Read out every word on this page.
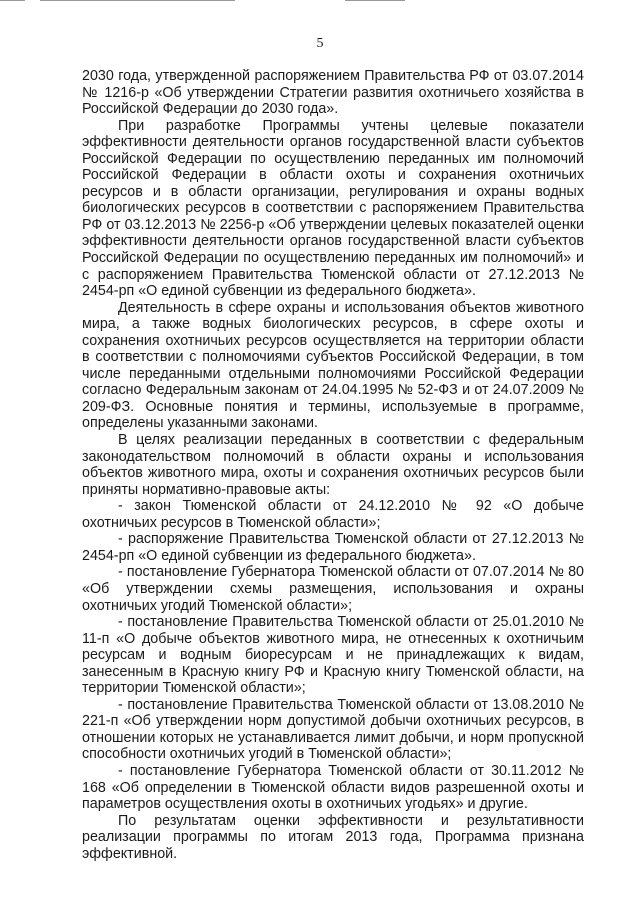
5

2030 года, утвержденной распоряжением Правительства РФ от 03.07.2014 № 1216-р «Об утверждении Стратегии развития охотничьего хозяйства в Российской Федерации до 2030 года».

При разработке Программы учтены целевые показатели эффективности деятельности органов государственной власти субъектов Российской Федерации по осуществлению переданных им полномочий Российской Федерации в области охоты и сохранения охотничьих ресурсов и в области организации, регулирования и охраны водных биологических ресурсов в соответствии с распоряжением Правительства РФ от 03.12.2013 № 2256-р «Об утверждении целевых показателей оценки эффективности деятельности органов государственной власти субъектов Российской Федерации по осуществлению переданных им полномочий» и с распоряжением Правительства Тюменской области от 27.12.2013 № 2454-рп «О единой субвенции из федерального бюджета».

Деятельность в сфере охраны и использования объектов животного мира, а также водных биологических ресурсов, в сфере охоты и сохранения охотничьих ресурсов осуществляется на территории области в соответствии с полномочиями субъектов Российской Федерации, в том числе переданными отдельными полномочиями Российской Федерации согласно Федеральным законам от 24.04.1995 № 52-ФЗ и от 24.07.2009 № 209-ФЗ. Основные понятия и термины, используемые в программе, определены указанными законами.

В целях реализации переданных в соответствии с федеральным законодательством полномочий в области охраны и использования объектов животного мира, охоты и сохранения охотничьих ресурсов были приняты нормативно-правовые акты:

- закон Тюменской области от 24.12.2010 № 92 «О добыче охотничьих ресурсов в Тюменской области»;

- распоряжение Правительства Тюменской области от 27.12.2013 № 2454-рп «О единой субвенции из федерального бюджета».

- постановление Губернатора Тюменской области от 07.07.2014 № 80 «Об утверждении схемы размещения, использования и охраны охотничьих угодий Тюменской области»;

- постановление Правительства Тюменской области от 25.01.2010 № 11-п «О добыче объектов животного мира, не отнесенных к охотничьим ресурсам и водным биоресурсам и не принадлежащих к видам, занесенным в Красную книгу РФ и Красную книгу Тюменской области, на территории Тюменской области»;

- постановление Правительства Тюменской области от 13.08.2010 № 221-п «Об утверждении норм допустимой добычи охотничьих ресурсов, в отношении которых не устанавливается лимит добычи, и норм пропускной способности охотничьих угодий в Тюменской области»;

- постановление Губернатора Тюменской области от 30.11.2012 № 168 «Об определении в Тюменской области видов разрешенной охоты и параметров осуществления охоты в охотничьих угодьях» и другие.

По результатам оценки эффективности и результативности реализации программы по итогам 2013 года, Программа признана эффективной.
